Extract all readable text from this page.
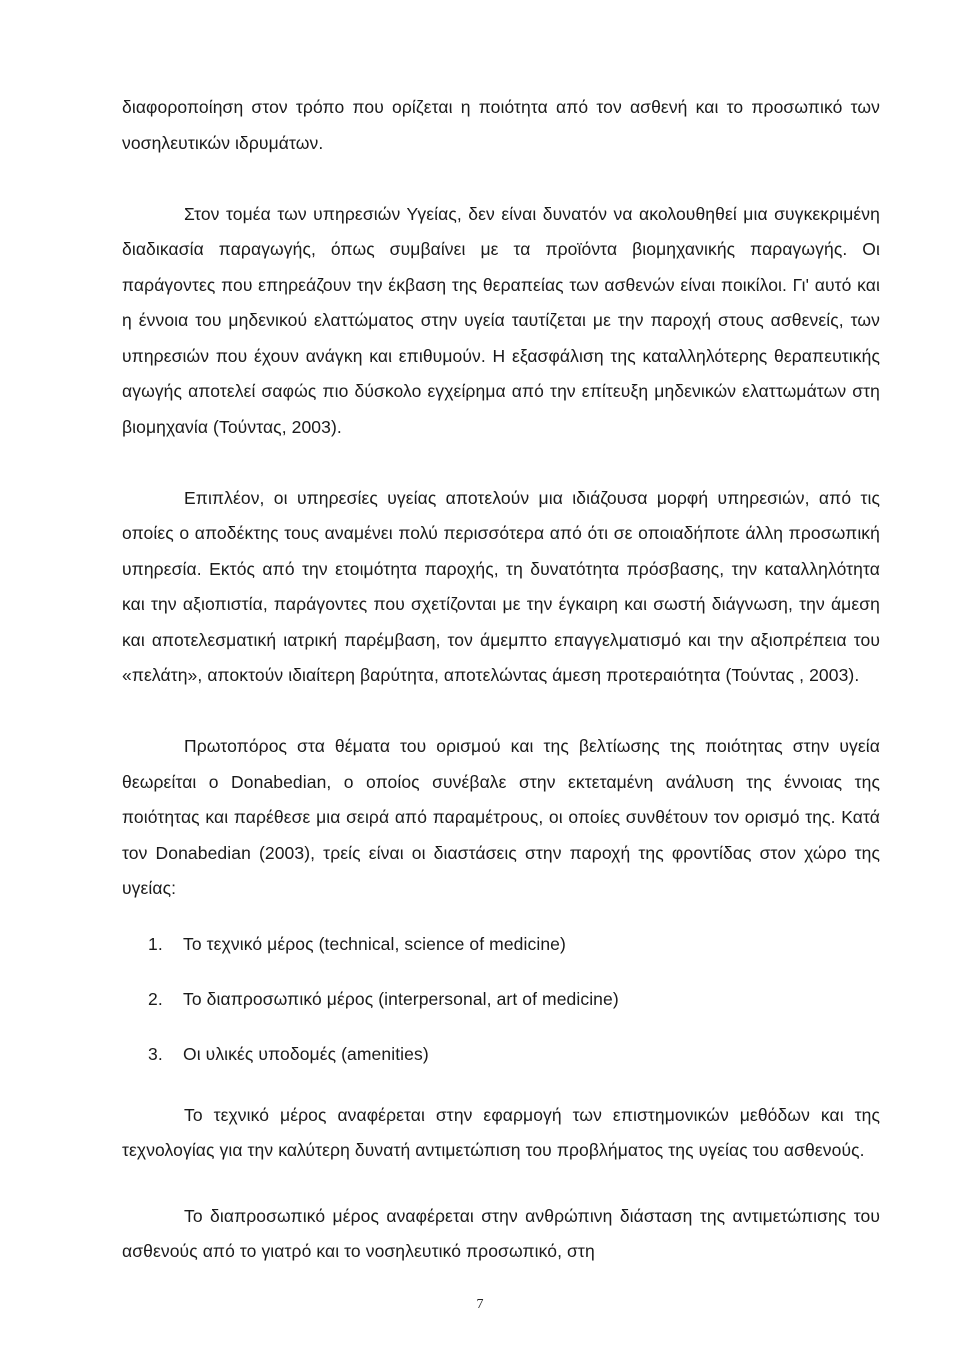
διαφοροποίηση στον τρόπο που ορίζεται η ποιότητα από τον ασθενή και το προσωπικό των νοσηλευτικών ιδρυμάτων.

Στον τομέα των υπηρεσιών Υγείας, δεν είναι δυνατόν να ακολουθηθεί μια συγκεκριμένη διαδικασία παραγωγής, όπως συμβαίνει με τα προϊόντα βιομηχανικής παραγωγής. Οι παράγοντες που επηρεάζουν την έκβαση της θεραπείας των ασθενών είναι ποικίλοι. Γι' αυτό και η έννοια του μηδενικού ελαττώματος στην υγεία ταυτίζεται με την παροχή στους ασθενείς, των υπηρεσιών που έχουν ανάγκη και επιθυμούν. Η εξασφάλιση της καταλληλότερης θεραπευτικής αγωγής αποτελεί σαφώς πιο δύσκολο εγχείρημα από την επίτευξη μηδενικών ελαττωμάτων στη βιομηχανία (Τούντας, 2003).

Επιπλέον, οι υπηρεσίες υγείας αποτελούν μια ιδιάζουσα μορφή υπηρεσιών, από τις οποίες ο αποδέκτης τους αναμένει πολύ περισσότερα από ότι σε οποιαδήποτε άλλη προσωπική υπηρεσία. Εκτός από την ετοιμότητα παροχής, τη δυνατότητα πρόσβασης, την καταλληλότητα και την αξιοπιστία, παράγοντες που σχετίζονται με την έγκαιρη και σωστή διάγνωση, την άμεση και αποτελεσματική ιατρική παρέμβαση, τον άμεμπτο επαγγελματισμό και την αξιοπρέπεια του «πελάτη», αποκτούν ιδιαίτερη βαρύτητα, αποτελώντας άμεση προτεραιότητα (Τούντας , 2003).

Πρωτοπόρος στα θέματα του ορισμού και της βελτίωσης της ποιότητας στην υγεία θεωρείται ο Donabedian, ο οποίος συνέβαλε στην εκτεταμένη ανάλυση της έννοιας της ποιότητας και παρέθεσε μια σειρά από παραμέτρους, οι οποίες συνθέτουν τον ορισμό της. Κατά τον Donabedian (2003), τρείς είναι οι διαστάσεις στην παροχή της φροντίδας στον χώρο της υγείας:

1. Το τεχνικό μέρος (technical, science of medicine)
2. Το διαπροσωπικό μέρος (interpersonal, art of medicine)
3. Οι υλικές υποδομές (amenities)

Το τεχνικό μέρος αναφέρεται στην εφαρμογή των επιστημονικών μεθόδων και της τεχνολογίας για την καλύτερη δυνατή αντιμετώπιση του προβλήματος της υγείας του ασθενούς.

Το διαπροσωπικό μέρος αναφέρεται στην ανθρώπινη διάσταση της αντιμετώπισης του ασθενούς από το γιατρό και το νοσηλευτικό προσωπικό, στη

7
